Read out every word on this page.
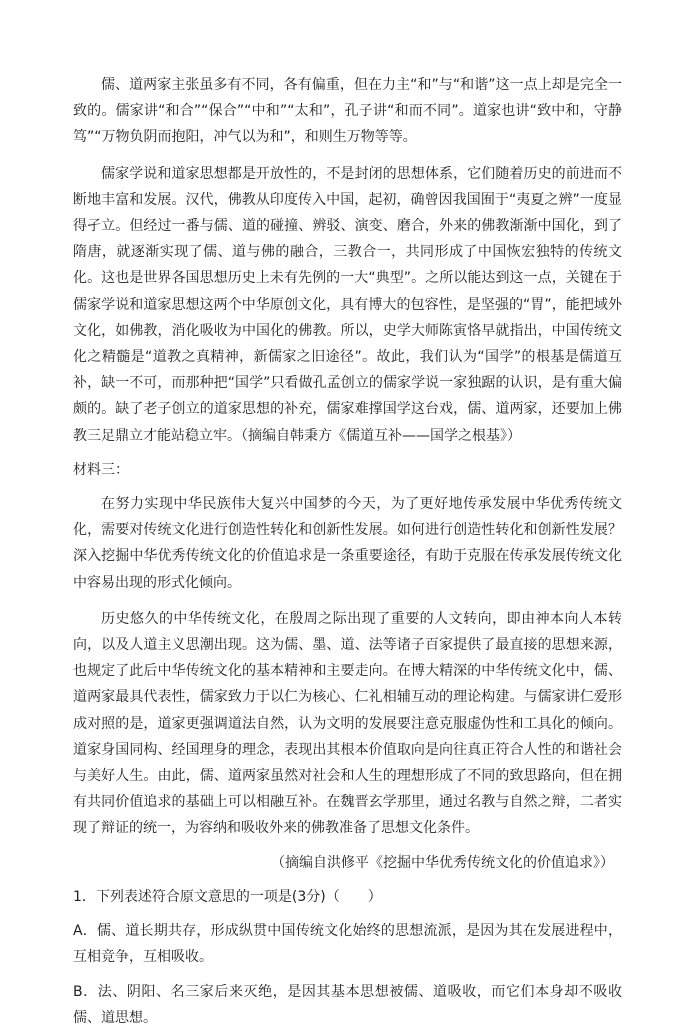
儒、道两家主张虽多有不同，各有偏重，但在力主“和”与“和谐”这一点上却是完全一致的。儒家讲“和合”“保合”“中和”“太和”，孔子讲“和而不同”。道家也讲“致中和，守静笃”“万物负阴而抱阳，冲气以为和”，和则生万物等等。

儒家学说和道家思想都是开放性的，不是封闭的思想体系，它们随着历史的前进而不断地丰富和发展。汉代，佛教从印度传入中国，起初，确曾因我国囿于“夷夏之辨”一度显得孑立。但经过一番与儒、道的碰撞、辨驳、演变、磨合，外来的佛教渐渐中国化，到了隋唐，就逐渐实现了儒、道与佛的融合，三教合一，共同形成了中国恢宏独特的传统文化。这也是世界各国思想历史上未有先例的一大“典型”。之所以能达到这一点，关键在于儒家学说和道家思想这两个中华原创文化，具有博大的包容性，是坚强的“胃”，能把域外文化，如佛教，消化吸收为中国化的佛教。所以，史学大师陈寅恪早就指出，中国传统文化之精髓是“道教之真精神，新儒家之旧途径”。故此，我们认为“国学”的根基是儒道互补，缺一不可，而那种把“国学”只看做孔孟创立的儒家学说一家独踞的认识，是有重大偏颇的。缺了老子创立的道家思想的补充，儒家难撑国学这台戏，儒、道两家，还要加上佛教三足鼎立才能站稳立牢。（摘编自韩秉方《儒道互补——国学之根基》）

材料三：

在努力实现中华民族伟大复兴中国梦的今天，为了更好地传承发展中华优秀传统文化，需要对传统文化进行创造性转化和创新性发展。如何进行创造性转化和创新性发展？深入挖掘中华优秀传统文化的价值追求是一条重要途径，有助于克服在传承发展传统文化中容易出现的形式化倾向。

历史悠久的中华传统文化，在殷周之际出现了重要的人文转向，即由神本向人本转向，以及人道主义思潮出现。这为儒、墨、道、法等诸子百家提供了最直接的思想来源，也规定了此后中华传统文化的基本精神和主要走向。在博大精深的中华传统文化中，儒、道两家最具代表性，儒家致力于以仁为核心、仁礼相辅互动的理论构建。与儒家讲仁爱形成对照的是，道家更强调道法自然，认为文明的发展要注意克服虚伪性和工具化的倾向。道家身国同构、经国理身的理念，表现出其根本价值取向是向往真正符合人性的和谐社会与美好人生。由此，儒、道两家虽然对社会和人生的理想形成了不同的致思路向，但在拥有共同价值追求的基础上可以相融互补。在魏晋玄学那里，通过名教与自然之辩，二者实现了辩证的统一，为容纳和吸收外来的佛教准备了思想文化条件。

（摘编自洪修平《挖掘中华优秀传统文化的价值追求》）

1．下列表述符合原文意思的一项是(3分)（　　）

A．儒、道长期共存，形成纵贯中国传统文化始终的思想流派，是因为其在发展进程中，互相竞争，互相吸收。

B．法、阴阳、名三家后来灭绝，是因其基本思想被儒、道吸收，而它们本身却不吸收儒、道思想。
